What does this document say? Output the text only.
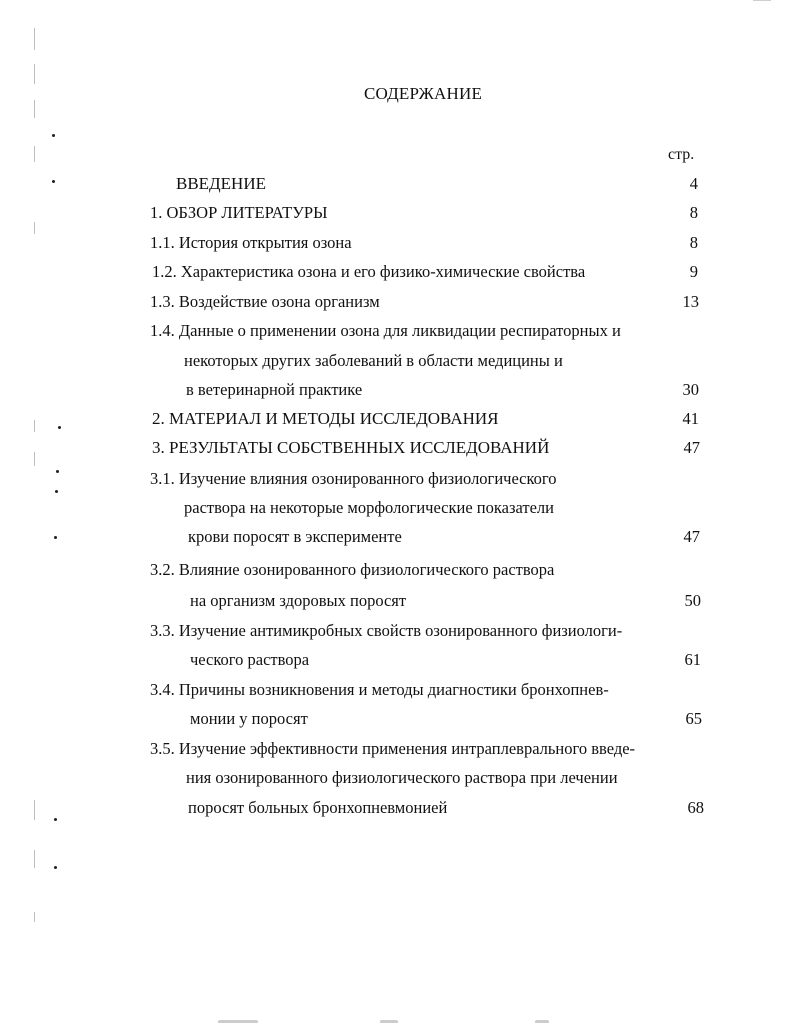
СОДЕРЖАНИЕ
стр.
ВВЕДЕНИЕ	4
1. ОБЗОР ЛИТЕРАТУРЫ	8
1.1. История открытия озона	8
1.2. Характеристика озона и его физико-химические свойства	9
1.3. Воздействие озона организм	13
1.4. Данные о применении озона для ликвидации респираторных и
некоторых других заболеваний в области медицины и
в ветеринарной практике	30
2. МАТЕРИАЛ И МЕТОДЫ ИССЛЕДОВАНИЯ	41
3. РЕЗУЛЬТАТЫ СОБСТВЕННЫХ ИССЛЕДОВАНИЙ	47
3.1. Изучение влияния озонированного физиологического
раствора на некоторые морфологические показатели
крови поросят в эксперименте	47
3.2. Влияние озонированного физиологического раствора
на организм здоровых поросят	50
3.3. Изучение антимикробных свойств озонированного физиологи-
ческого раствора	61
3.4. Причины возникновения и методы диагностики бронхопнев-
монии у поросят	65
3.5. Изучение эффективности применения интраплеврального введе-
ния озонированного физиологического раствора при лечении
поросят больных бронхопневмонией	68
